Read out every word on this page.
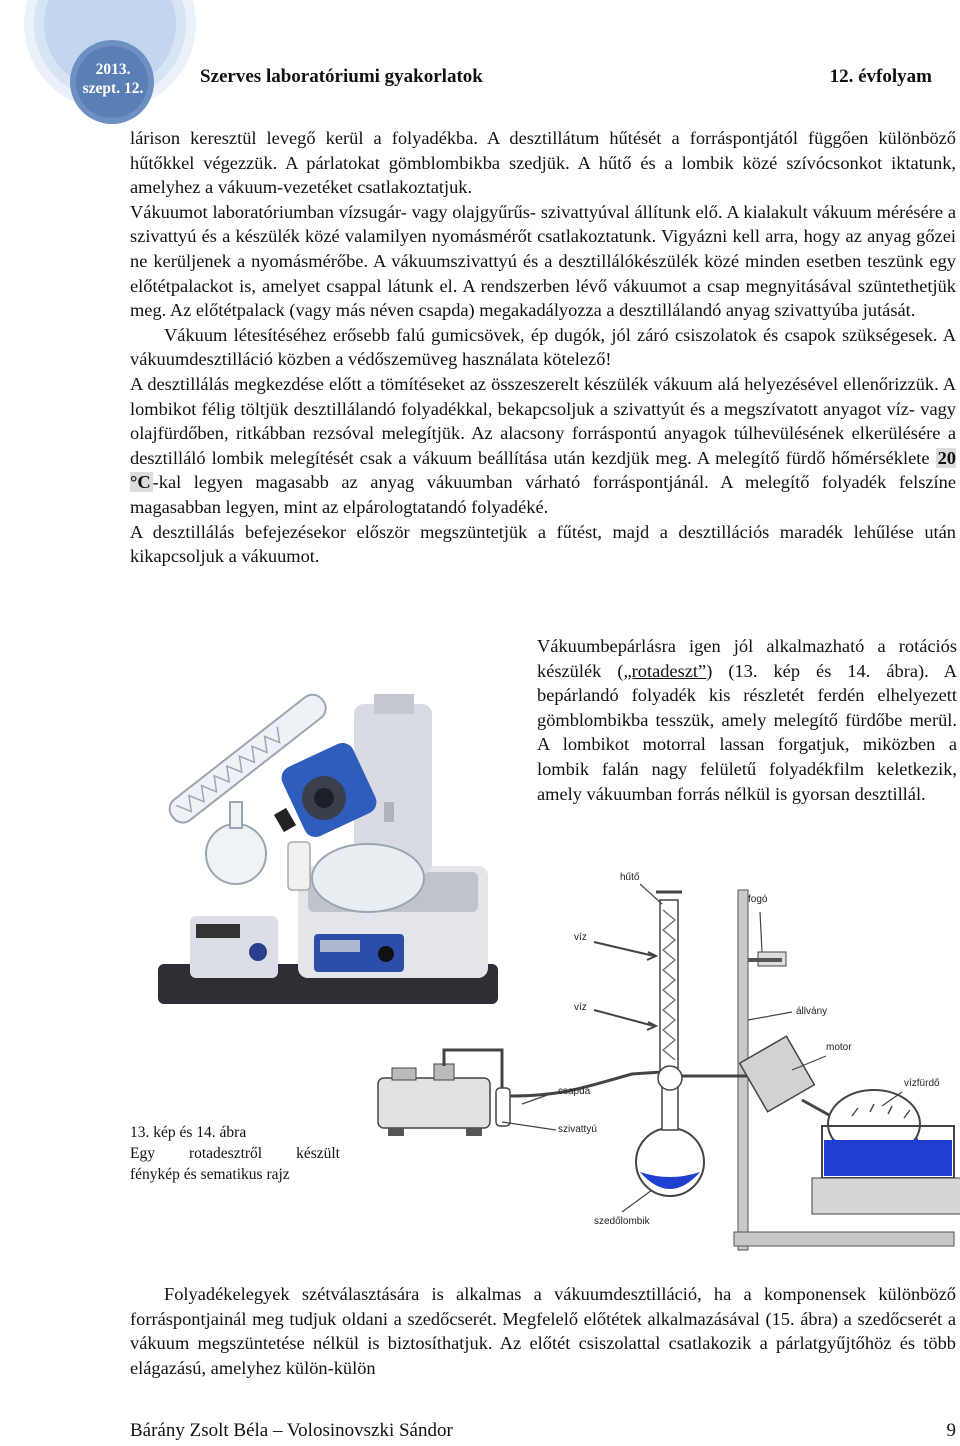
2013.
szept. 12.
Szerves laboratóriumi gyakorlatok	12. évfolyam

lárison keresztül levegő kerül a folyadékba. A desztillátum hűtését a forráspontjától függően különböző hűtőkkel végezzük. A párlatokat gömblombikba szedjük. A hűtő és a lombik közé szívócsonkot iktatunk, amelyhez a vákuum-vezetéket csatlakoztatjuk.

Vákuumot laboratóriumban vízsugár- vagy olajgyűrűs- szivattyúval állítunk elő. A kialakult vákuum mérésére a szivattyú és a készülék közé valamilyen nyomásmérőt csatlakoztatunk. Vigyázni kell arra, hogy az anyag gőzei ne kerüljenek a nyomásmérőbe. A vákuumszivattyú és a desztillálókészülék közé minden esetben teszünk egy előtétpalackot is, amelyet csappal látunk el. A rendszerben lévő vákuumot a csap megnyitásával szüntethetjük meg. Az előtétpalack (vagy más néven csapda) megakadályozza a desztillálandó anyag szivattyúba jutását.

Vákuum létesítéséhez erősebb falú gumicsövek, ép dugók, jól záró csiszolatok és csapok szükségesek. A vákuumdesztilláció közben a védőszemüveg használata kötelező!

A desztillálás megkezdése előtt a tömítéseket az összeszerelt készülék vákuum alá helyezésével ellenőrizzük. A lombikot félig töltjük desztillálandó folyadékkal, bekapcsoljuk a szivattyút és a megszívatott anyagot víz- vagy olajfürdőben, ritkábban rezsóval melegítjük. Az alacsony forráspontú anyagok túlhevülésének elkerülésére a desztilláló lombik melegítését csak a vákuum beállítása után kezdjük meg. A melegítő fürdő hőmérséklete 20 °C -kal legyen magasabb az anyag vákuumban várható forráspontjánál. A melegítő folyadék felszíne magasabban legyen, mint az elpárologtatandó folyadéké.

A desztillálás befejezésekor először megszüntetjük a fűtést, majd a desztillációs maradék lehűlése után kikapcsoljuk a vákuumot.

Vákuumbepárlásra igen jól alkalmazható a rotációs készülék („rotadeszt”) (13. kép és 14. ábra). A bepárlandó folyadék kis részletét ferdén elhelyezett gömblombikba tesszük, amely melegítő fürdőbe merül. A lombikot motorral lassan forgatjuk, miközben a lombik falán nagy felületű folyadékfilm keletkezik, amely vákuumban forrás nélkül is gyorsan desztillál.
hűtő
fogó
víz
víz	állvány
motor
vízfürdő
csapda
szivattyú
szedőlombik
13. kép és 14. ábra
Egy rotadesztről készült
fénykép és sematikus rajz

Folyadékelegyek szétválasztására is alkalmas a vákuumdesztilláció, ha a komponensek különböző forráspontjainál meg tudjuk oldani a szedőcserét. Megfelelő előtétek alkalmazásával (15. ábra) a szedőcserét a vákuum megszüntetése nélkül is biztosíthatjuk. Az előtét csiszolattal csatlakozik a párlatgyűjtőhöz és több elágazású, amelyhez külön-külön

Bárány Zsolt Béla – Volosinovszki Sándor	9
